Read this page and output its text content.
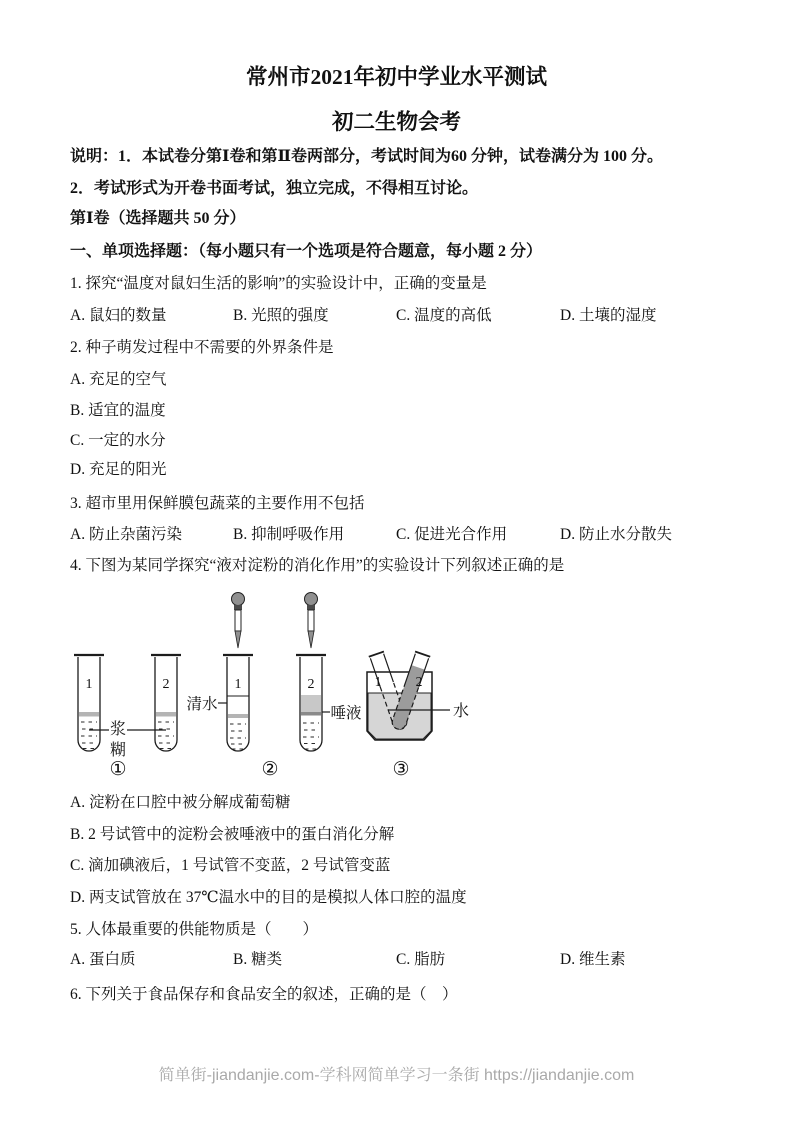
常州市2021年初中学业水平测试
初二生物会考
说明：1．本试卷分第Ⅰ卷和第Ⅱ卷两部分，考试时间为60 分钟，试卷满分为 100 分。
2．考试形式为开卷书面考试，独立完成，不得相互讨论。
第Ⅰ卷（选择题共 50 分）
一、单项选择题：（每小题只有一个选项是符合题意，每小题 2 分）
1. 探究“温度对鼠妇生活的影响”的实验设计中，正确的变量是
A. 鼠妇的数量	B. 光照的强度	C. 温度的高低	D. 土壤的湿度
2. 种子萌发过程中不需要的外界条件是
A. 充足的空气
B. 适宜的温度
C. 一定的水分
D. 充足的阳光
3. 超市里用保鲜膜包蔬菜的主要作用不包括
A. 防止杂菌污染	B. 抑制呼吸作用	C. 促进光合作用	D. 防止水分散失
4. 下图为某同学探究“液对淀粉的消化作用”的实验设计下列叙述正确的是
1	2
浆
糊
①
1
清水
2
唾液
②
1	2
水
③
A. 淀粉在口腔中被分解成葡萄糖
B. 2 号试管中的淀粉会被唾液中的蛋白消化分解
C. 滴加碘液后，1 号试管不变蓝，2 号试管变蓝
D. 两支试管放在 37℃温水中的目的是模拟人体口腔的温度
5. 人体最重要的供能物质是（　　）
A. 蛋白质	B. 糖类	C. 脂肪	D. 维生素
6. 下列关于食品保存和食品安全的叙述，正确的是（　）
简单街-jiandanjie.com-学科网简单学习一条街 https://jiandanjie.com
